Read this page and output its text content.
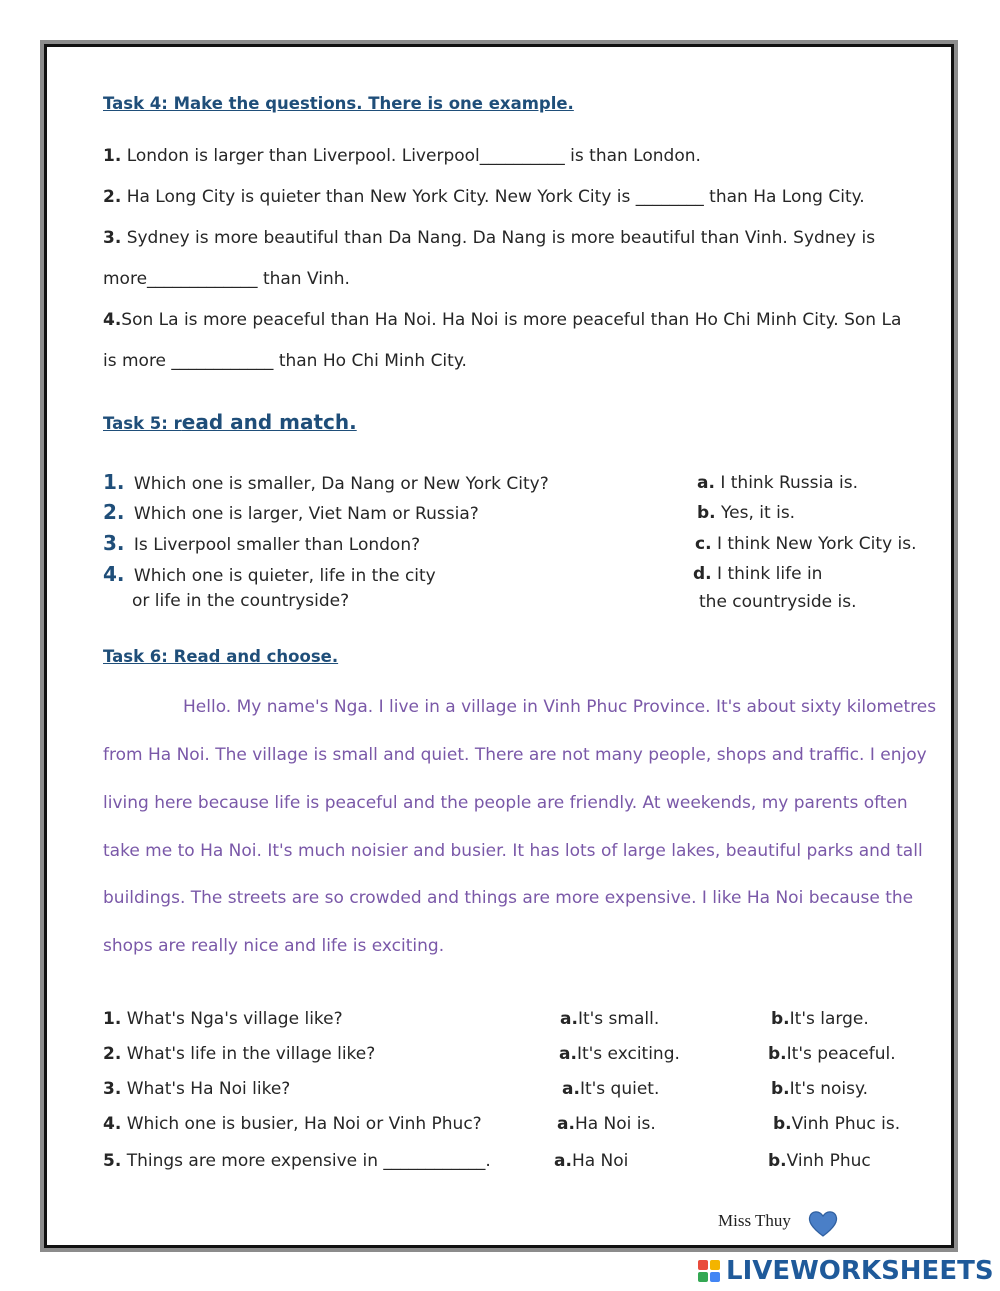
Task 4: Make the questions. There is one example.
1. London is larger than Liverpool. Liverpool__________ is than London.
2. Ha Long City is quieter than New York City. New York City is ________ than Ha Long City.
3. Sydney is more beautiful than Da Nang. Da Nang is more beautiful than Vinh. Sydney is
more_____________ than Vinh.
4.Son La is more peaceful than Ha Noi. Ha Noi is more peaceful than Ho Chi Minh City. Son La
is more ____________ than Ho Chi Minh City.
Task 5: read and match.
1. Which one is smaller, Da Nang or New York City?
2. Which one is larger, Viet Nam or Russia?
3. Is Liverpool smaller than London?
4. Which one is quieter, life in the city
or life in the countryside?
a. I think Russia is.
b. Yes, it is.
c. I think New York City is.
d. I think life in
the countryside is.
Task 6: Read and choose.
Hello. My name's Nga. I live in a village in Vinh Phuc Province. It's about sixty kilometres
from Ha Noi. The village is small and quiet. There are not many people, shops and traffic. I enjoy
living here because life is peaceful and the people are friendly. At weekends, my parents often
take me to Ha Noi. It's much noisier and busier. It has lots of large lakes, beautiful parks and tall
buildings. The streets are so crowded and things are more expensive. I like Ha Noi because the
shops are really nice and life is exciting.
1. What's Nga's village like?	a.It's small.	b.It's large.
2. What's life in the village like?	a.It's exciting.	b.It's peaceful.
3. What's Ha Noi like?	a.It's quiet.	b.It's noisy.
4. Which one is busier, Ha Noi or Vinh Phuc?	a.Ha Noi is.	b.Vinh Phuc is.
5. Things are more expensive in ____________.	a.Ha Noi	b.Vinh Phuc
Miss Thuy
LIVEWORKSHEETS
